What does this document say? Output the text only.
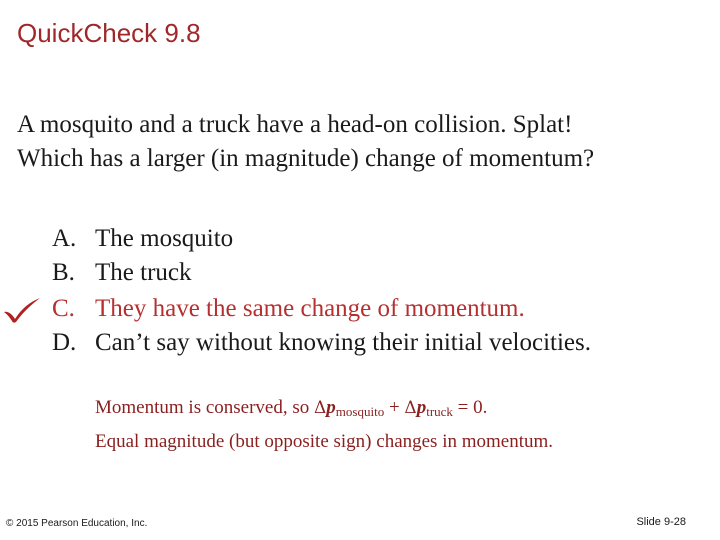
QuickCheck 9.8
A mosquito and a truck have a head-on collision. Splat!
Which has a larger (in magnitude) change of momentum?
A. The mosquito
B. The truck
C. They have the same change of momentum.
D. Can’t say without knowing their initial velocities.
Momentum is conserved, so $\Delta p_{mosquito} + \Delta p_{truck} = 0$.
Equal magnitude (but opposite sign) changes in momentum.
© 2015 Pearson Education, Inc.	Slide 9-28
